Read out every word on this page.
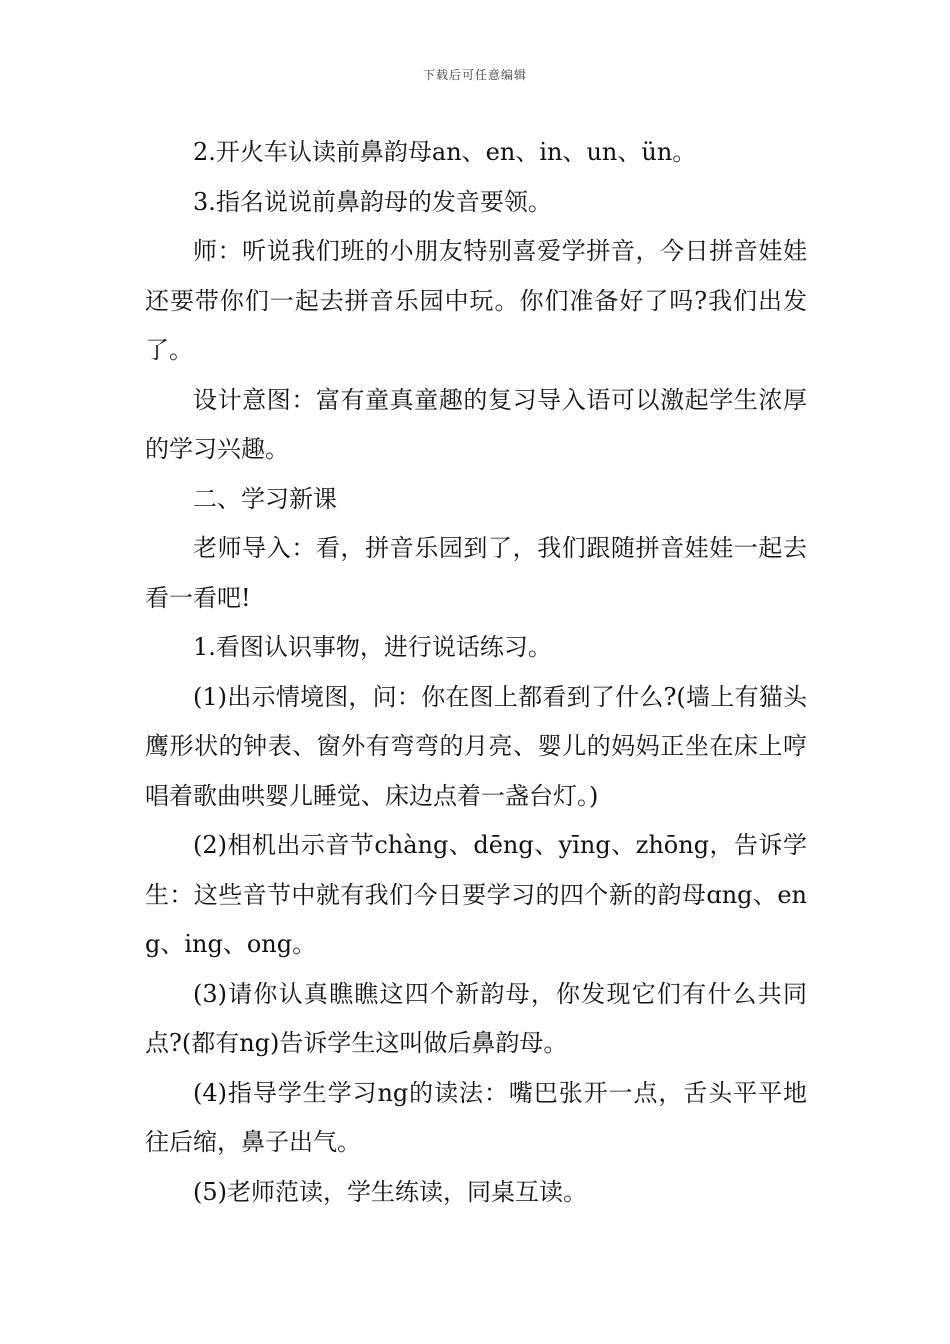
下载后可任意编辑

2.开火车认读前鼻韵母an、en、in、un、ün。

3.指名说说前鼻韵母的发音要领。

师：听说我们班的小朋友特别喜爱学拼音，今日拼音娃娃还要带你们一起去拼音乐园中玩。你们准备好了吗?我们出发了。

设计意图：富有童真童趣的复习导入语可以激起学生浓厚的学习兴趣。

二、学习新课

老师导入：看，拼音乐园到了，我们跟随拼音娃娃一起去看一看吧!

1.看图认识事物，进行说话练习。

(1)出示情境图，问：你在图上都看到了什么?(墙上有猫头鹰形状的钟表、窗外有弯弯的月亮、婴儿的妈妈正坐在床上哼唱着歌曲哄婴儿睡觉、床边点着一盏台灯。)

(2)相机出示音节chàng、dēng、yīng、zhōng，告诉学生：这些音节中就有我们今日要学习的四个新的韵母ɑng、eng、ing、ong。

(3)请你认真瞧瞧这四个新韵母，你发现它们有什么共同点?(都有ng)告诉学生这叫做后鼻韵母。

(4)指导学生学习ng的读法：嘴巴张开一点，舌头平平地往后缩，鼻子出气。

(5)老师范读，学生练读，同桌互读。
